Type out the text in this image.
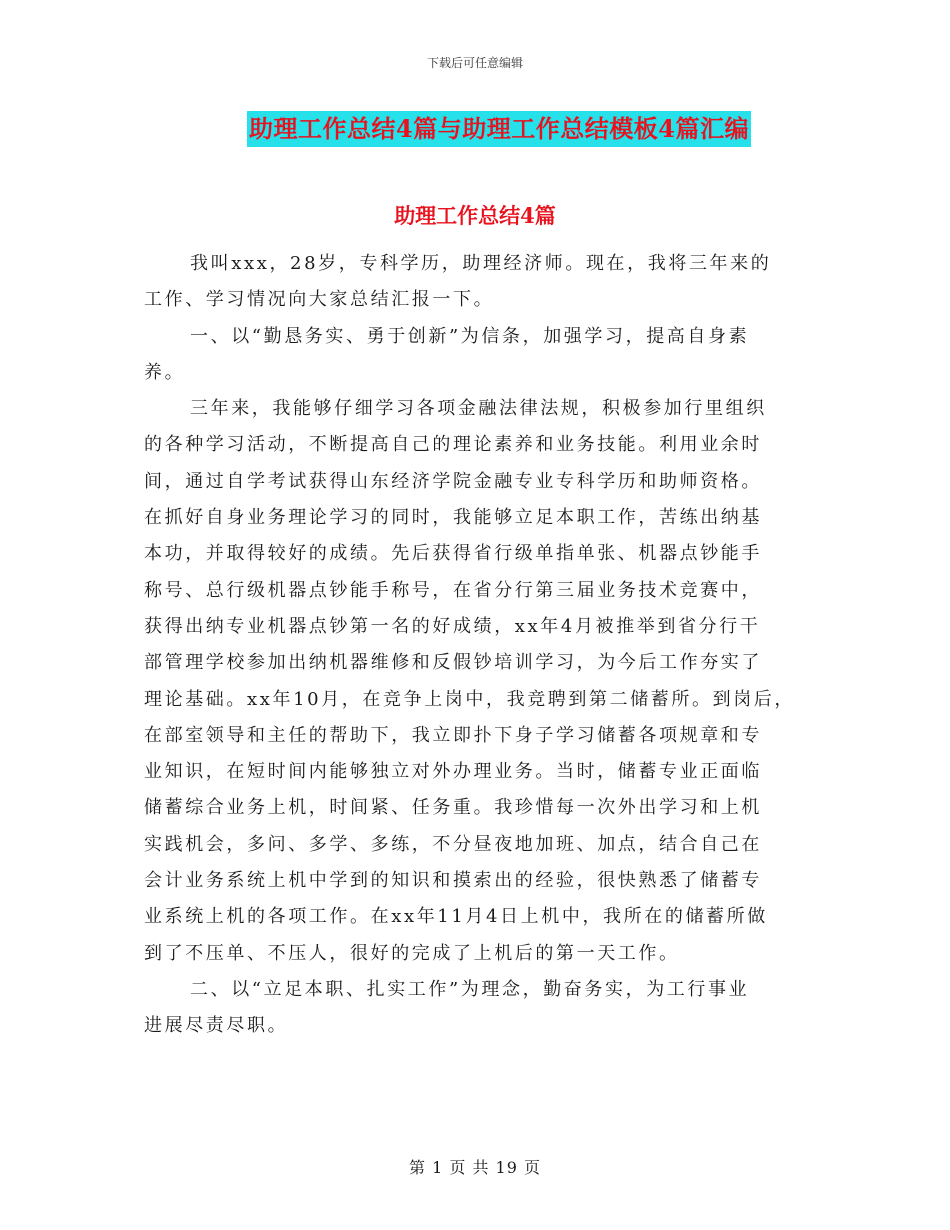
下载后可任意编辑
助理工作总结4篇与助理工作总结模板4篇汇编
助理工作总结4篇
我叫xxx，28岁，专科学历，助理经济师。现在，我将三年来的
工作、学习情况向大家总结汇报一下。
一、以“勤恳务实、勇于创新”为信条，加强学习，提高自身素
养。
三年来，我能够仔细学习各项金融法律法规，积极参加行里组织
的各种学习活动，不断提高自己的理论素养和业务技能。利用业余时
间，通过自学考试获得山东经济学院金融专业专科学历和助师资格。
在抓好自身业务理论学习的同时，我能够立足本职工作，苦练出纳基
本功，并取得较好的成绩。先后获得省行级单指单张、机器点钞能手
称号、总行级机器点钞能手称号，在省分行第三届业务技术竞赛中，
获得出纳专业机器点钞第一名的好成绩，xx年4月被推举到省分行干
部管理学校参加出纳机器维修和反假钞培训学习，为今后工作夯实了
理论基础。xx年10月，在竞争上岗中，我竞聘到第二储蓄所。到岗后，
在部室领导和主任的帮助下，我立即扑下身子学习储蓄各项规章和专
业知识，在短时间内能够独立对外办理业务。当时，储蓄专业正面临
储蓄综合业务上机，时间紧、任务重。我珍惜每一次外出学习和上机
实践机会，多问、多学、多练，不分昼夜地加班、加点，结合自己在
会计业务系统上机中学到的知识和摸索出的经验，很快熟悉了储蓄专
业系统上机的各项工作。在xx年11月4日上机中，我所在的储蓄所做
到了不压单、不压人，很好的完成了上机后的第一天工作。
二、以“立足本职、扎实工作”为理念，勤奋务实，为工行事业
进展尽责尽职。
第 1 页 共 19 页
